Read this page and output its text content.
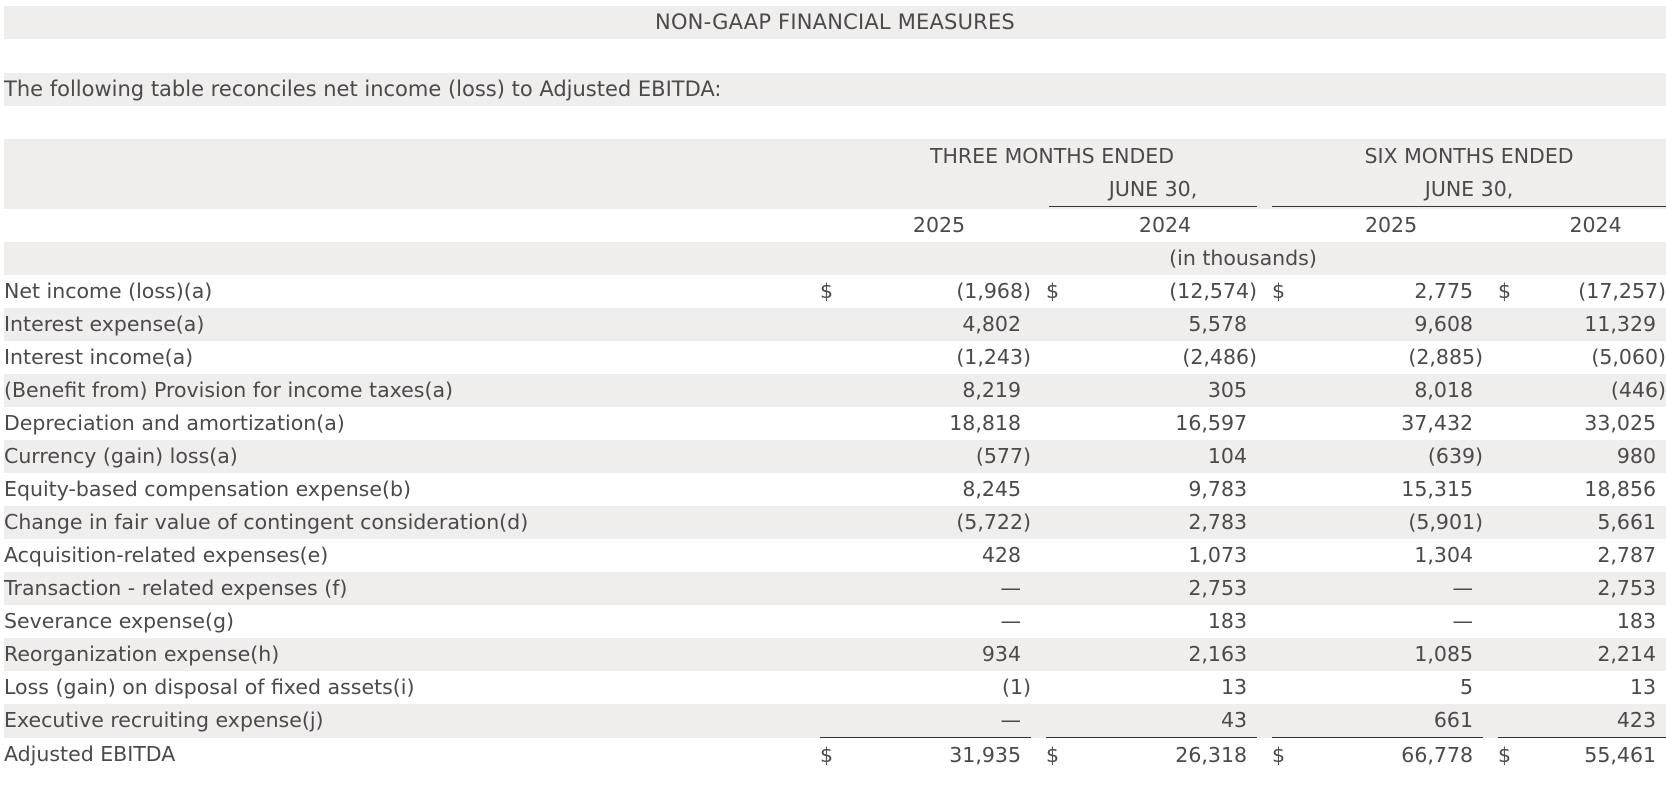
NON-GAAP FINANCIAL MEASURES
The following table reconciles net income (loss) to Adjusted EBITDA:

		THREE MONTHS ENDED
JUNE 30,					SIX MONTHS ENDED
JUNE 30,				

		2025			2024			2025			2024
	(in thousands)										
Net income (loss)(a)	$	(1,968)		$	(12,574)		$	2,775		$	(17,257)
Interest expense(a)		4,802			5,578			9,608			11,329
Interest income(a)		(1,243)			(2,486)			(2,885)			(5,060)
(Benefit from) Provision for income taxes(a)		8,219			305			8,018			(446)
Depreciation and amortization(a)		18,818			16,597			37,432			33,025
Currency (gain) loss(a)		(577)			104			(639)			980
Equity-based compensation expense(b)		8,245			9,783			15,315			18,856
Change in fair value of contingent consideration(d)		(5,722)			2,783			(5,901)			5,661
Acquisition-related expenses(e)		428			1,073			1,304			2,787
Transaction - related expenses (f)		—			2,753			—			2,753
Severance expense(g)		—			183			—			183
Reorganization expense(h)		934			2,163			1,085			2,214
Loss (gain) on disposal of fixed assets(i)		(1)			13			5			13
Executive recruiting expense(j)		—			43			661			423
Adjusted EBITDA	$	31,935		$	26,318		$	66,778		$	55,461
